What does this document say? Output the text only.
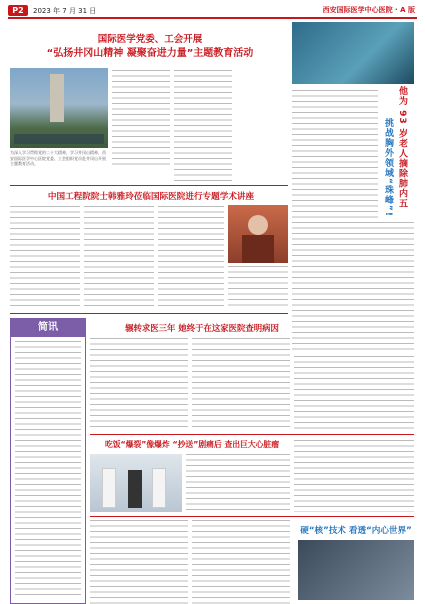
P2	2023 年 7 月 31 日	西安国际医学中心医院 · A 版
国际医学党委、工会开展
“弘扬井冈山精神 凝聚奋进力量”主题教育活动
为深入学习贯彻党的二十大精神，学习井冈山精神，西安国际医学中心医院党委、工会组织党员赴井冈山开展主题教育活动。	他为 93 岁老人摘除肺内五
挑战胸外领域“珠峰”!
中国工程院院士韩雅玲莅临国际医院进行专题学术讲座
简讯	辗转求医三年 她终于在这家医院查明病因
吃饭“爆裂”像爆炸 “抄送”剧痛后 查出巨大心脏瘤
硬“核”技术 看透“内心世界”
